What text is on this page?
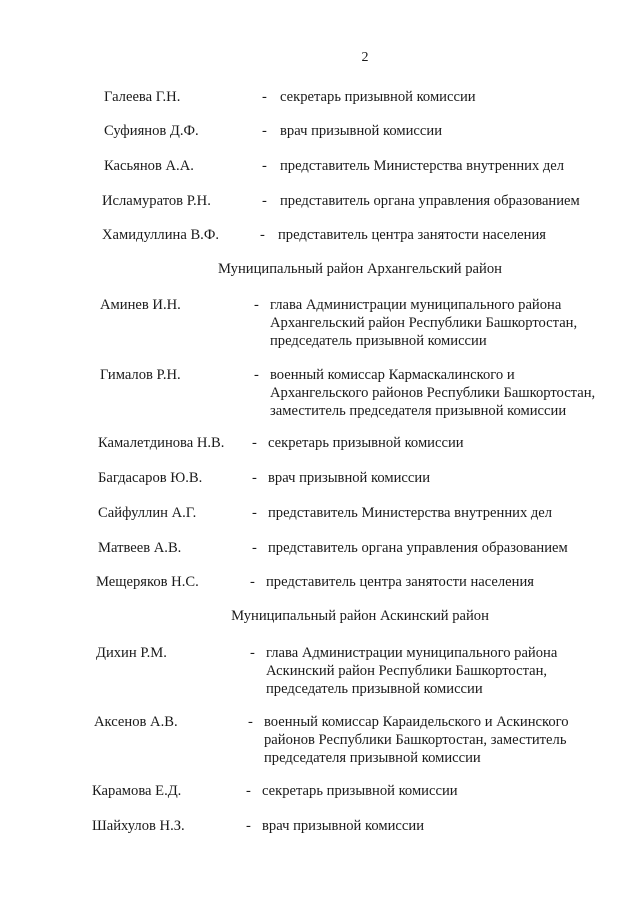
2
Галеева Г.Н.	- секретарь призывной комиссии
Суфиянов Д.Ф.	- врач призывной комиссии
Касьянов А.А.	- представитель Министерства внутренних дел
Исламуратов Р.Н.	- представитель органа управления образованием
Хамидуллина В.Ф.	- представитель центра занятости населения
Муниципальный район Архангельский район
Аминев И.Н.	- глава Администрации муниципального района Архангельский район Республики Башкортостан, председатель призывной комиссии
Гималов Р.Н.	- военный комиссар Кармаскалинского и Архангельского районов Республики Башкортостан, заместитель председателя призывной комиссии
Камалетдинова Н.В. - секретарь призывной комиссии
Багдасаров Ю.В.	- врач призывной комиссии
Сайфуллин А.Г.	- представитель Министерства внутренних дел
Матвеев А.В.	- представитель органа управления образованием
Мещеряков Н.С.	- представитель центра занятости населения
Муниципальный район Аскинский район
Дихин Р.М.	- глава Администрации муниципального района Аскинский район Республики Башкортостан, председатель призывной комиссии
Аксенов А.В.	- военный комиссар Караидельского и Аскинского районов Республики Башкортостан, заместитель председателя призывной комиссии
Карамова Е.Д.	- секретарь призывной комиссии
Шайхулов Н.З.	- врач призывной комиссии
